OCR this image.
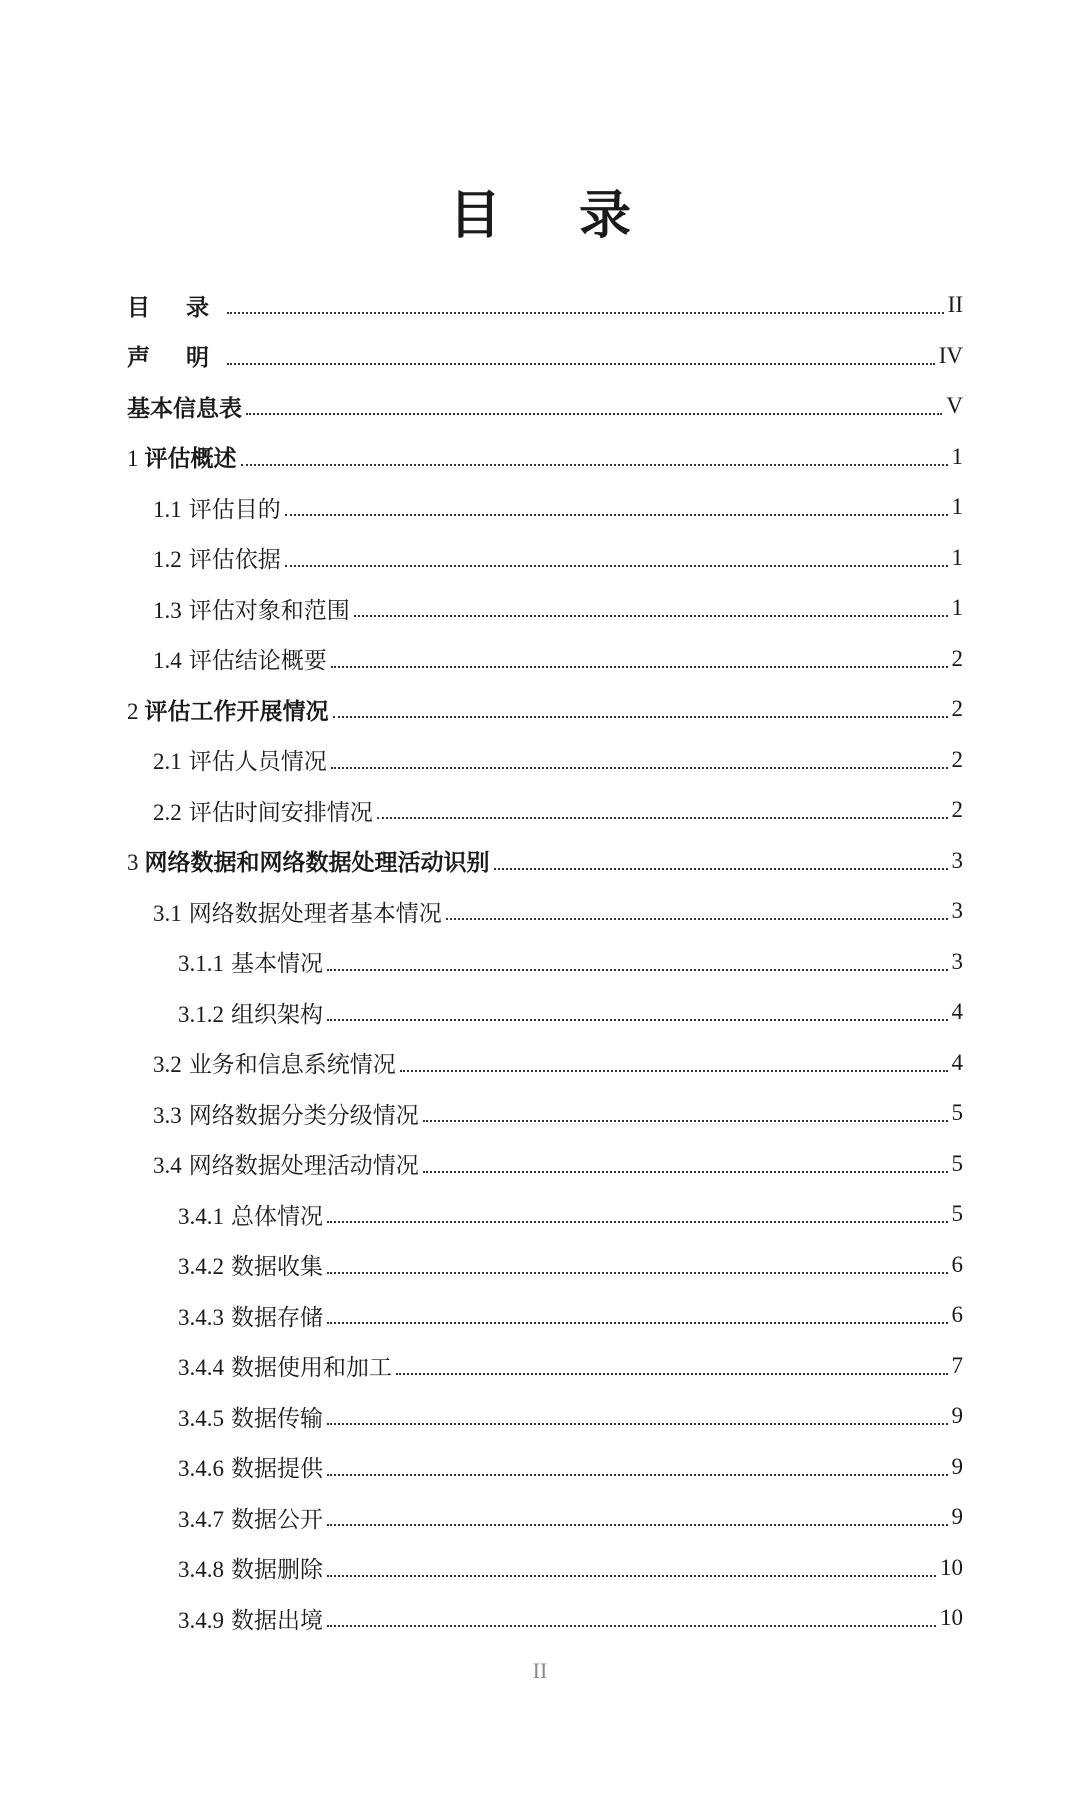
目 录
目 录	II
声 明	IV
基本信息表	V
1 评估概述	1
1.1 评估目的	1
1.2 评估依据	1
1.3 评估对象和范围	1
1.4 评估结论概要	2
2 评估工作开展情况	2
2.1 评估人员情况	2
2.2 评估时间安排情况	2
3 网络数据和网络数据处理活动识别	3
3.1 网络数据处理者基本情况	3
3.1.1 基本情况	3
3.1.2 组织架构	4
3.2 业务和信息系统情况	4
3.3 网络数据分类分级情况	5
3.4 网络数据处理活动情况	5
3.4.1 总体情况	5
3.4.2 数据收集	6
3.4.3 数据存储	6
3.4.4 数据使用和加工	7
3.4.5 数据传输	9
3.4.6 数据提供	9
3.4.7 数据公开	9
3.4.8 数据删除	10
3.4.9 数据出境	10
II
